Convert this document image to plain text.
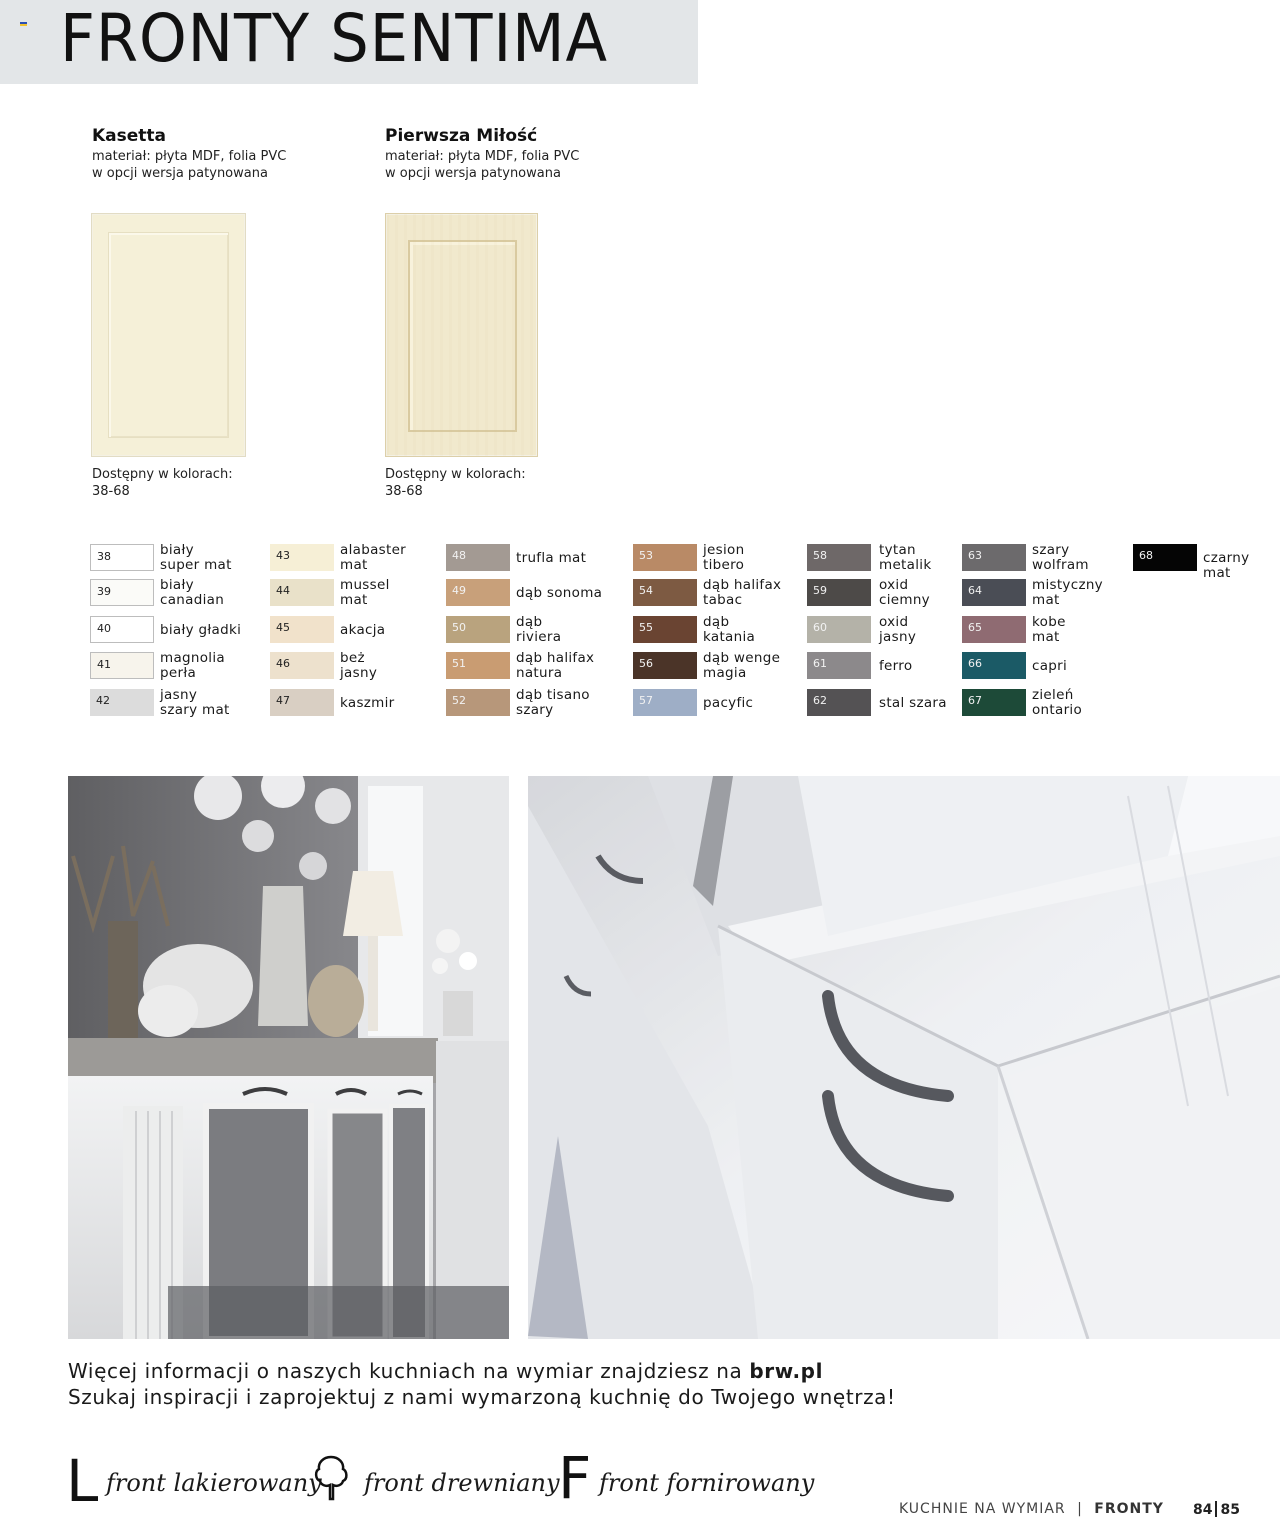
FRONTY SENTIMA
Kasetta
materiał: płyta MDF, folia PVC
w opcji wersja patynowana
Dostępny w kolorach:
38-68
Pierwsza Miłość
materiał: płyta MDF, folia PVC
w opcji wersja patynowana
Dostępny w kolorach:
38-68
38	biały
super mat
39	biały
canadian
40	biały gładki
41	magnolia
perła
42	jasny
szary mat
43	alabaster
mat
44	mussel
mat
45	akacja
46	beż
jasny
47	kaszmir
48	trufla mat
49	dąb sonoma
50	dąb
riviera
51	dąb halifax
natura
52	dąb tisano
szary
53	jesion
tibero
54	dąb halifax
tabac
55	dąb
katania
56	dąb wenge
magia
57	pacyfic
58	tytan
metalik
59	oxid
ciemny
60	oxid
jasny
61	ferro
62	stal szara
63	szary
wolfram
64	mistyczny
mat
65	kobe
mat
66	capri
67	zieleń
ontario
68	czarny mat
Więcej informacji o naszych kuchniach na wymiar znajdziesz na brw.pl
Szukaj inspiracji i zaprojektuj z nami wymarzoną kuchnię do Twojego wnętrza!
L front lakierowany front drewniany
F front fornirowany
KUCHNIE NA WYMIAR | FRONTY 84 85
